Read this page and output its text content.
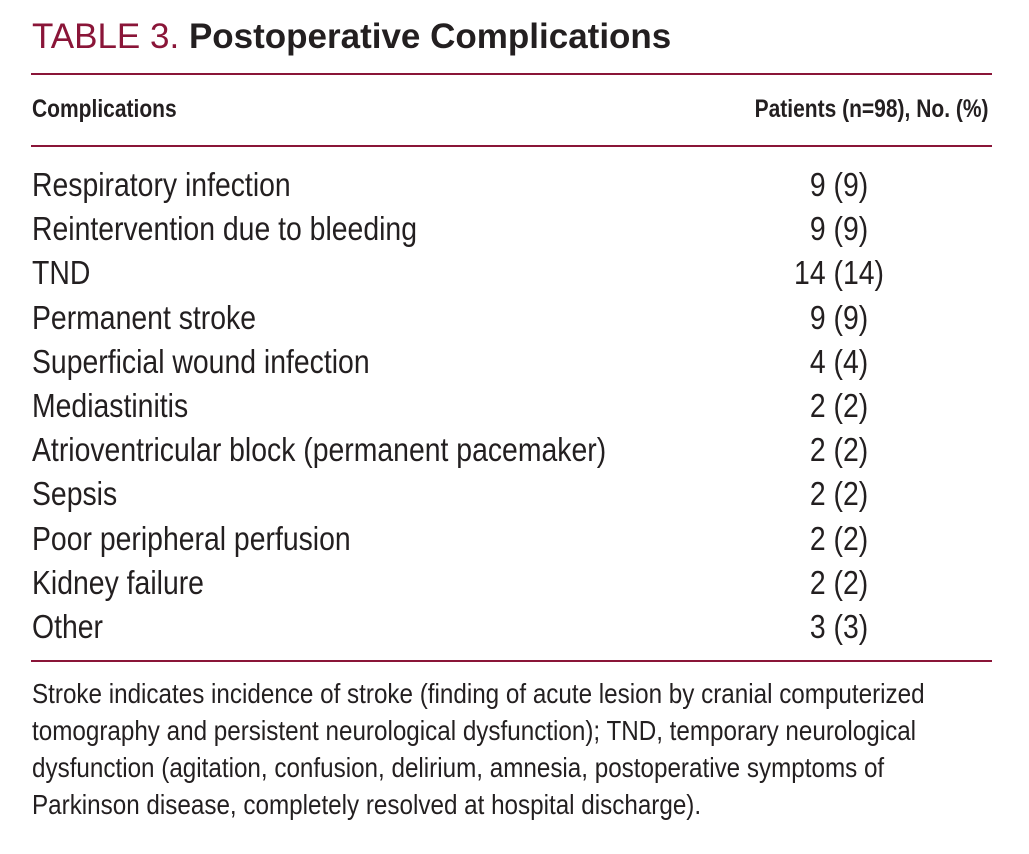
TABLE 3. Postoperative Complications
Complications	Patients (n=98), No. (%)
Respiratory infection	9 (9)
Reintervention due to bleeding	9 (9)
TND	14 (14)
Permanent stroke	9 (9)
Superficial wound infection	4 (4)
Mediastinitis	2 (2)
Atrioventricular block (permanent pacemaker)	2 (2)
Sepsis	2 (2)
Poor peripheral perfusion	2 (2)
Kidney failure	2 (2)
Other	3 (3)
Stroke indicates incidence of stroke (finding of acute lesion by cranial computerized tomography and persistent neurological dysfunction); TND, temporary neurological dysfunction (agitation, confusion, delirium, amnesia, postoperative symptoms of Parkinson disease, completely resolved at hospital discharge).
